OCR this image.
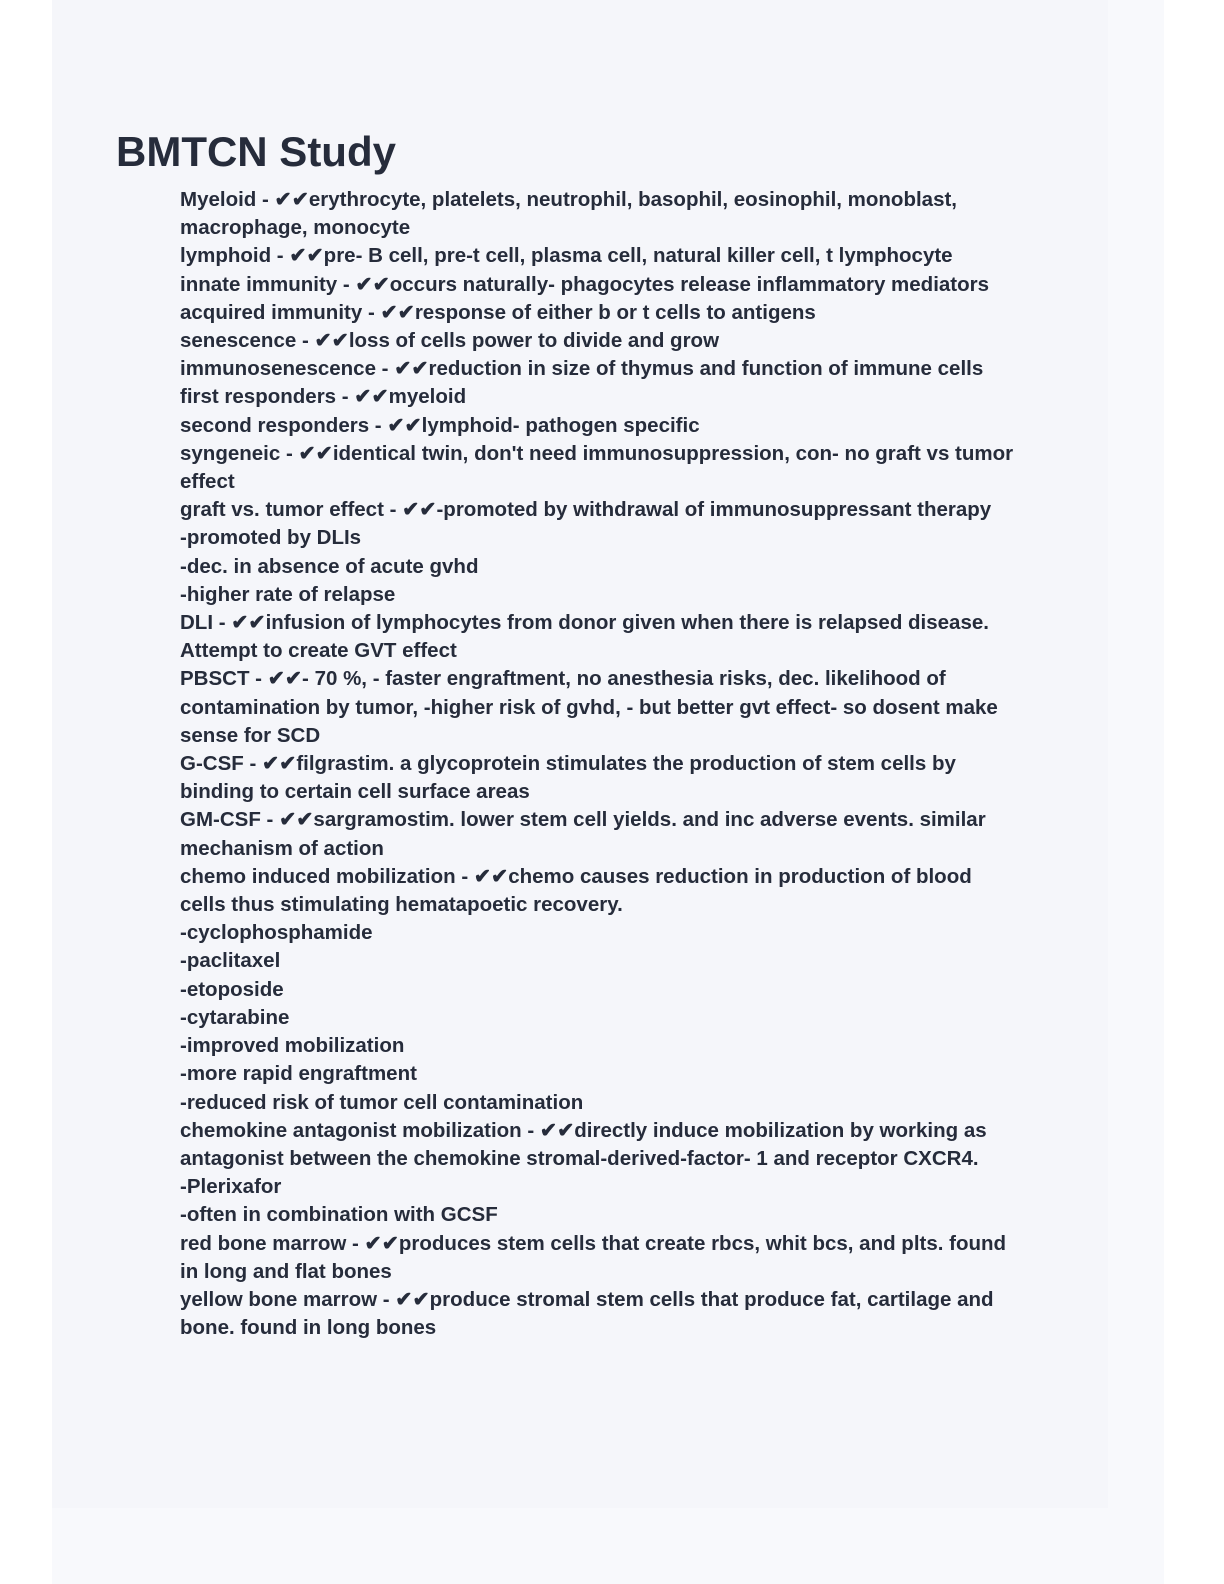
BMTCN Study
Myeloid - ✔✔erythrocyte, platelets, neutrophil, basophil, eosinophil, monoblast,
macrophage, monocyte
lymphoid - ✔✔pre- B cell, pre-t cell, plasma cell, natural killer cell, t lymphocyte
innate immunity - ✔✔occurs naturally- phagocytes release inflammatory mediators
acquired immunity - ✔✔response of either b or t cells to antigens
senescence - ✔✔loss of cells power to divide and grow
immunosenescence - ✔✔reduction in size of thymus and function of immune cells
first responders - ✔✔myeloid
second responders - ✔✔lymphoid- pathogen specific
syngeneic - ✔✔identical twin, don't need immunosuppression, con- no graft vs tumor
effect
graft vs. tumor effect - ✔✔-promoted by withdrawal of immunosuppressant therapy
-promoted by DLIs
-dec. in absence of acute gvhd
-higher rate of relapse
DLI - ✔✔infusion of lymphocytes from donor given when there is relapsed disease.
Attempt to create GVT effect
PBSCT - ✔✔- 70 %, - faster engraftment, no anesthesia risks, dec. likelihood of
contamination by tumor, -higher risk of gvhd, - but better gvt effect- so dosent make
sense for SCD
G-CSF - ✔✔filgrastim. a glycoprotein stimulates the production of stem cells by
binding to certain cell surface areas
GM-CSF - ✔✔sargramostim. lower stem cell yields. and inc adverse events. similar
mechanism of action
chemo induced mobilization - ✔✔chemo causes reduction in production of blood
cells thus stimulating hematapoetic recovery.
-cyclophosphamide
-paclitaxel
-etoposide
-cytarabine
-improved mobilization
-more rapid engraftment
-reduced risk of tumor cell contamination
chemokine antagonist mobilization - ✔✔directly induce mobilization by working as
antagonist between the chemokine stromal-derived-factor- 1 and receptor CXCR4.
-Plerixafor
-often in combination with GCSF
red bone marrow - ✔✔produces stem cells that create rbcs, whit bcs, and plts. found
in long and flat bones
yellow bone marrow - ✔✔produce stromal stem cells that produce fat, cartilage and
bone. found in long bones
